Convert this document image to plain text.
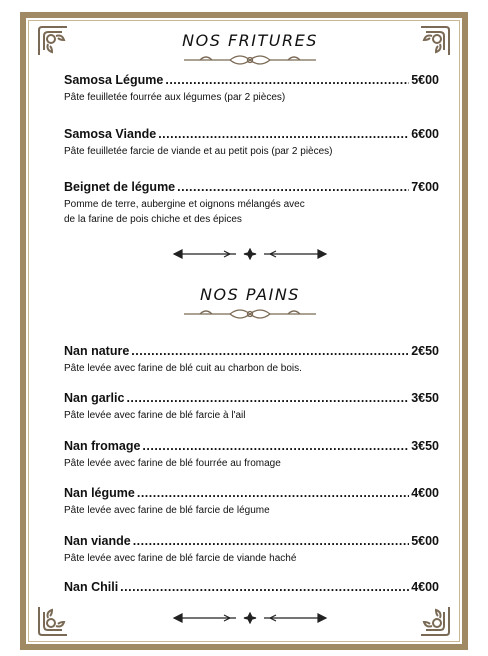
NOS FRITURES
Samosa Légume .....	5€00
Pâte feuilletée fourrée aux légumes (par 2 pièces)
Samosa Viande .....	6€00
Pâte feuilletée farcie de viande et au petit pois (par 2 pièces)
Beignet de légume .....	7€00
Pomme de terre, aubergine et oignons mélangés avec
de la farine de pois chiche et des épices
NOS PAINS
Nan nature .....	2€50
Pâte levée avec farine de blé cuit au charbon de bois.
Nan garlic .....	3€50
Pâte levée avec farine de blé farcie à l'ail
Nan fromage .....	3€50
Pâte levée avec farine de blé fourrée au fromage
Nan légume .....	4€00
Pâte levée avec farine de blé farcie de légume
Nan viande .....	5€00
Pâte levée avec farine de blé farcie de viande haché
Nan Chili .....	4€00
